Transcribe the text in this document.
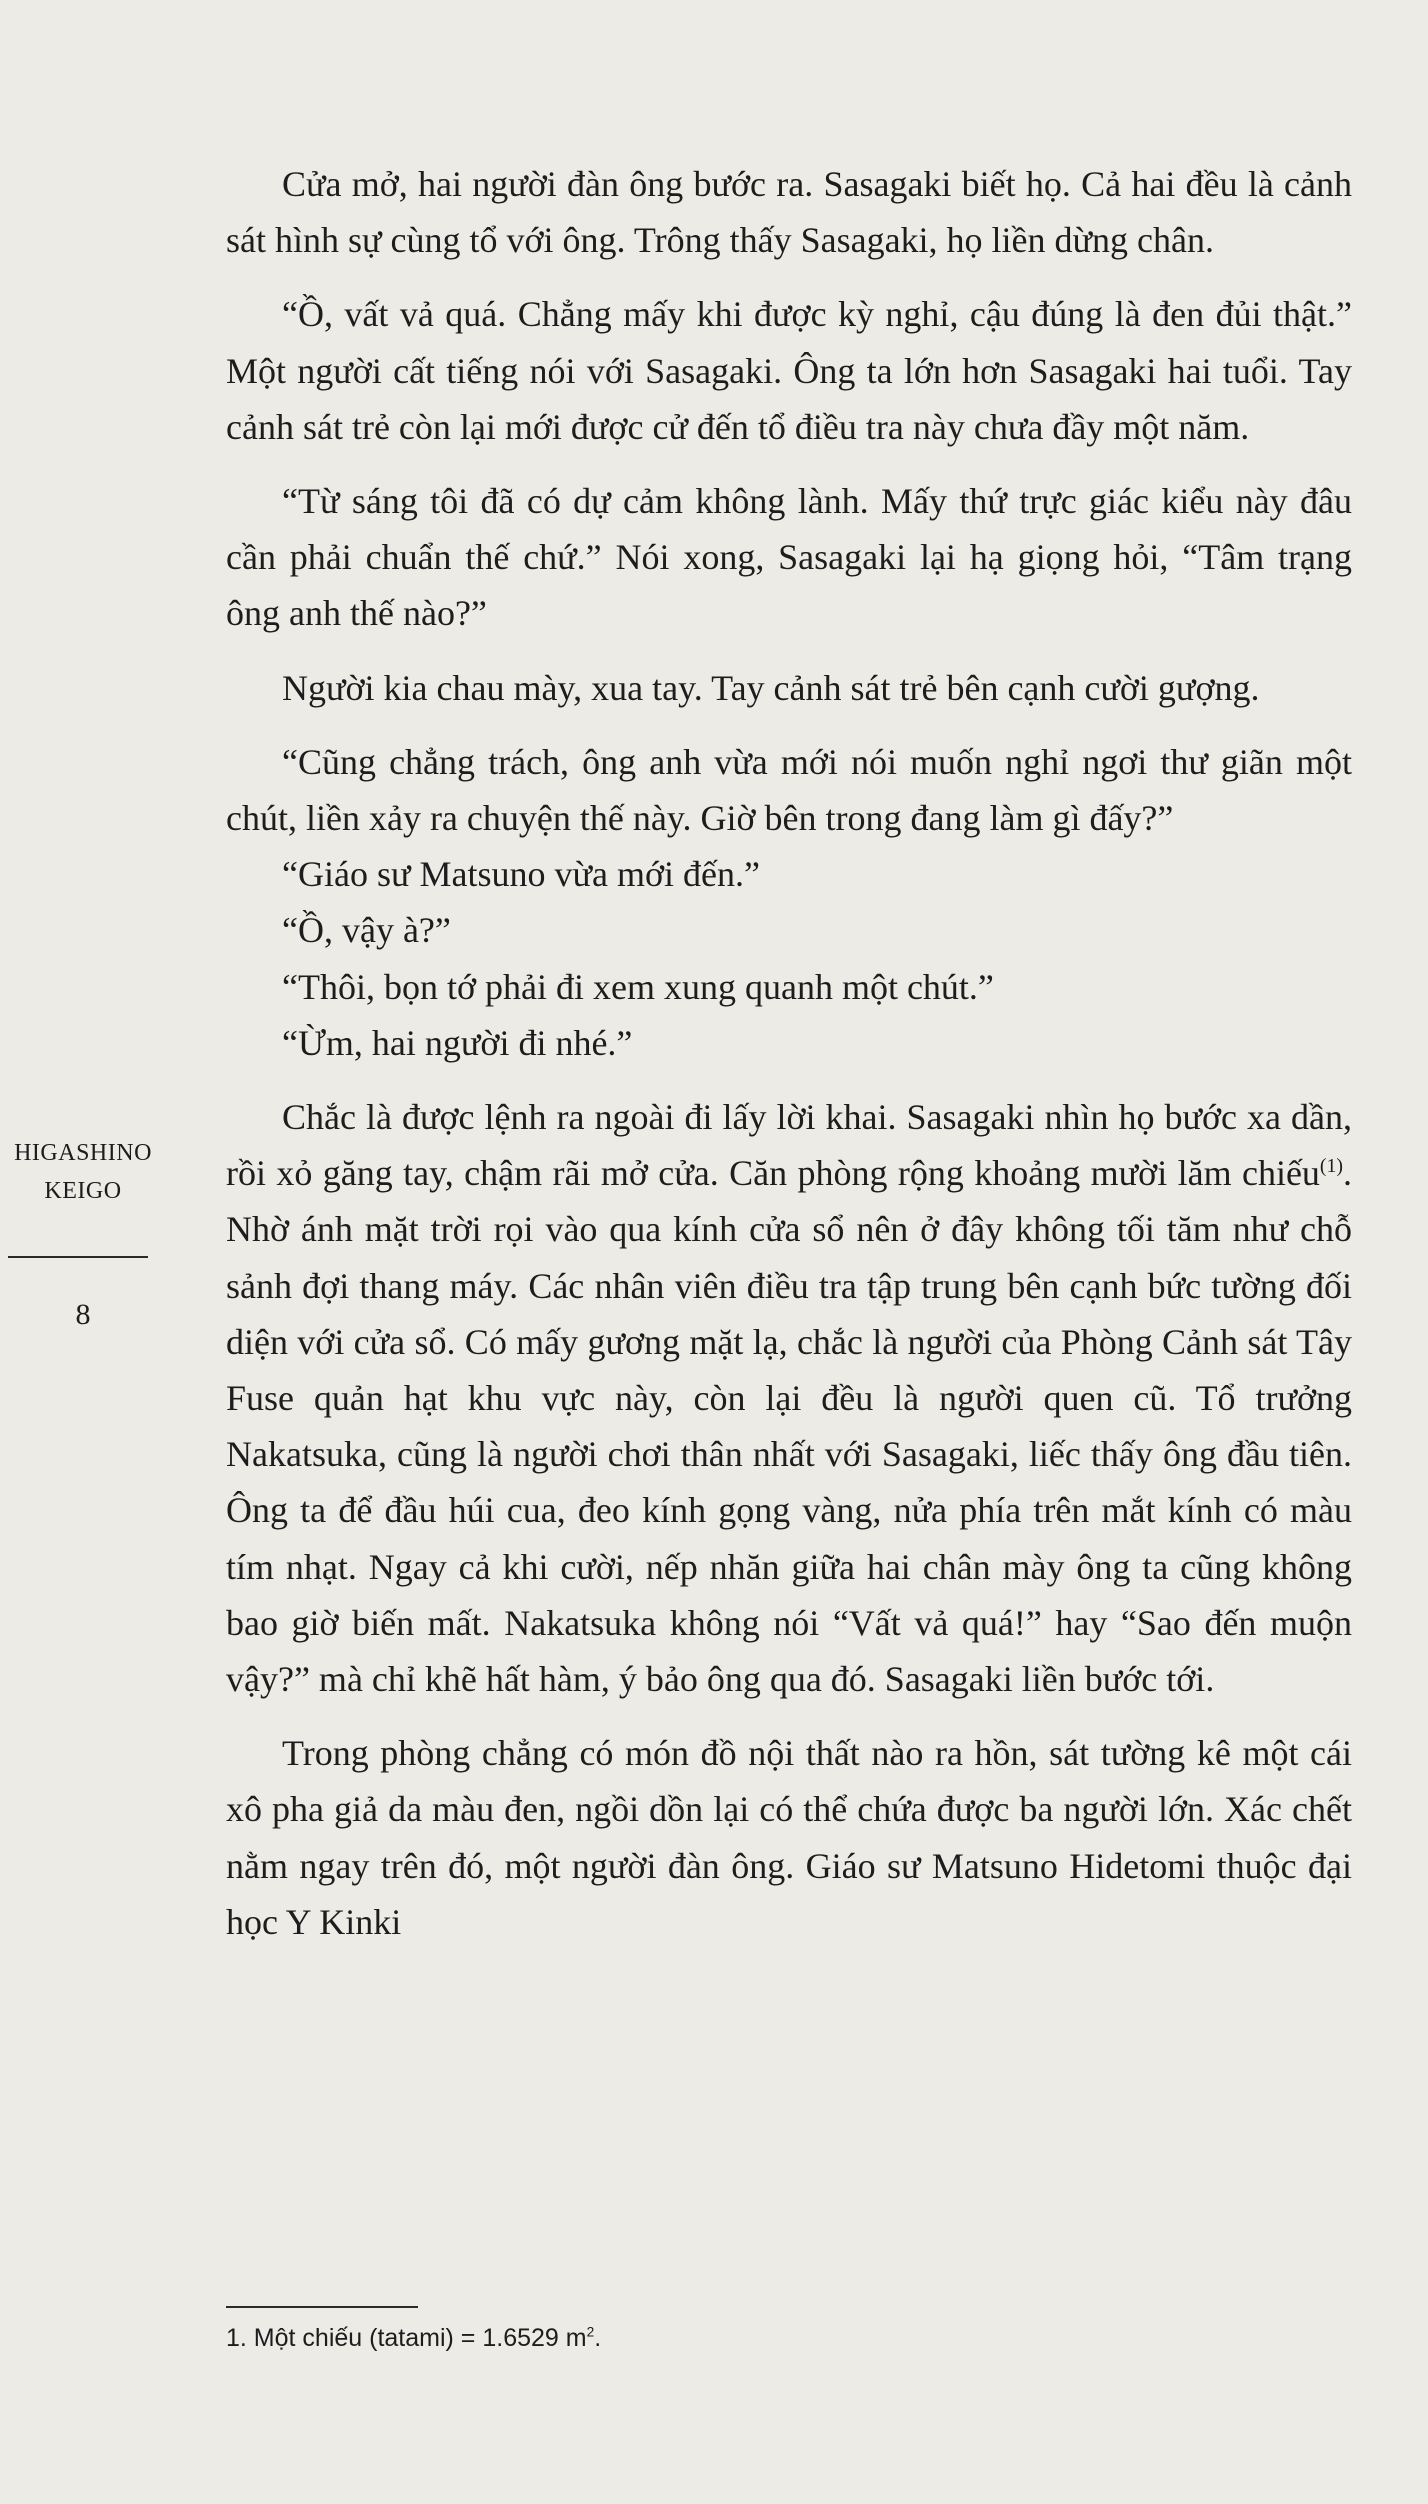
Cửa mở, hai người đàn ông bước ra. Sasagaki biết họ. Cả hai đều là cảnh sát hình sự cùng tổ với ông. Trông thấy Sasagaki, họ liền dừng chân.

“Ồ, vất vả quá. Chẳng mấy khi được kỳ nghỉ, cậu đúng là đen đủi thật.” Một người cất tiếng nói với Sasagaki. Ông ta lớn hơn Sasagaki hai tuổi. Tay cảnh sát trẻ còn lại mới được cử đến tổ điều tra này chưa đầy một năm.

“Từ sáng tôi đã có dự cảm không lành. Mấy thứ trực giác kiểu này đâu cần phải chuẩn thế chứ.” Nói xong, Sasagaki lại hạ giọng hỏi, “Tâm trạng ông anh thế nào?”

Người kia chau mày, xua tay. Tay cảnh sát trẻ bên cạnh cười gượng.

“Cũng chẳng trách, ông anh vừa mới nói muốn nghỉ ngơi thư giãn một chút, liền xảy ra chuyện thế này. Giờ bên trong đang làm gì đấy?”

“Giáo sư Matsuno vừa mới đến.”

“Ồ, vậy à?”

“Thôi, bọn tớ phải đi xem xung quanh một chút.”

“Ừm, hai người đi nhé.”

Chắc là được lệnh ra ngoài đi lấy lời khai. Sasagaki nhìn họ bước xa dần, rồi xỏ găng tay, chậm rãi mở cửa. Căn phòng rộng khoảng mười lăm chiếu$^{(1)}$. Nhờ ánh mặt trời rọi vào qua kính cửa sổ nên ở đây không tối tăm như chỗ sảnh đợi thang máy. Các nhân viên điều tra tập trung bên cạnh bức tường đối diện với cửa sổ. Có mấy gương mặt lạ, chắc là người của Phòng Cảnh sát Tây Fuse quản hạt khu vực này, còn lại đều là người quen cũ. Tổ trưởng Nakatsuka, cũng là người chơi thân nhất với Sasagaki, liếc thấy ông đầu tiên. Ông ta để đầu húi cua, đeo kính gọng vàng, nửa phía trên mắt kính có màu tím nhạt. Ngay cả khi cười, nếp nhăn giữa hai chân mày ông ta cũng không bao giờ biến mất. Nakatsuka không nói “Vất vả quá!” hay “Sao đến muộn vậy?” mà chỉ khẽ hất hàm, ý bảo ông qua đó. Sasagaki liền bước tới.

Trong phòng chẳng có món đồ nội thất nào ra hồn, sát tường kê một cái xô pha giả da màu đen, ngồi dồn lại có thể chứa được ba người lớn. Xác chết nằm ngay trên đó, một người đàn ông. Giáo sư Matsuno Hidetomi thuộc đại học Y Kinki

HIGASHINO
KEIGO
8
1. Một chiếu (tatami) = 1.6529 $m^2$.
